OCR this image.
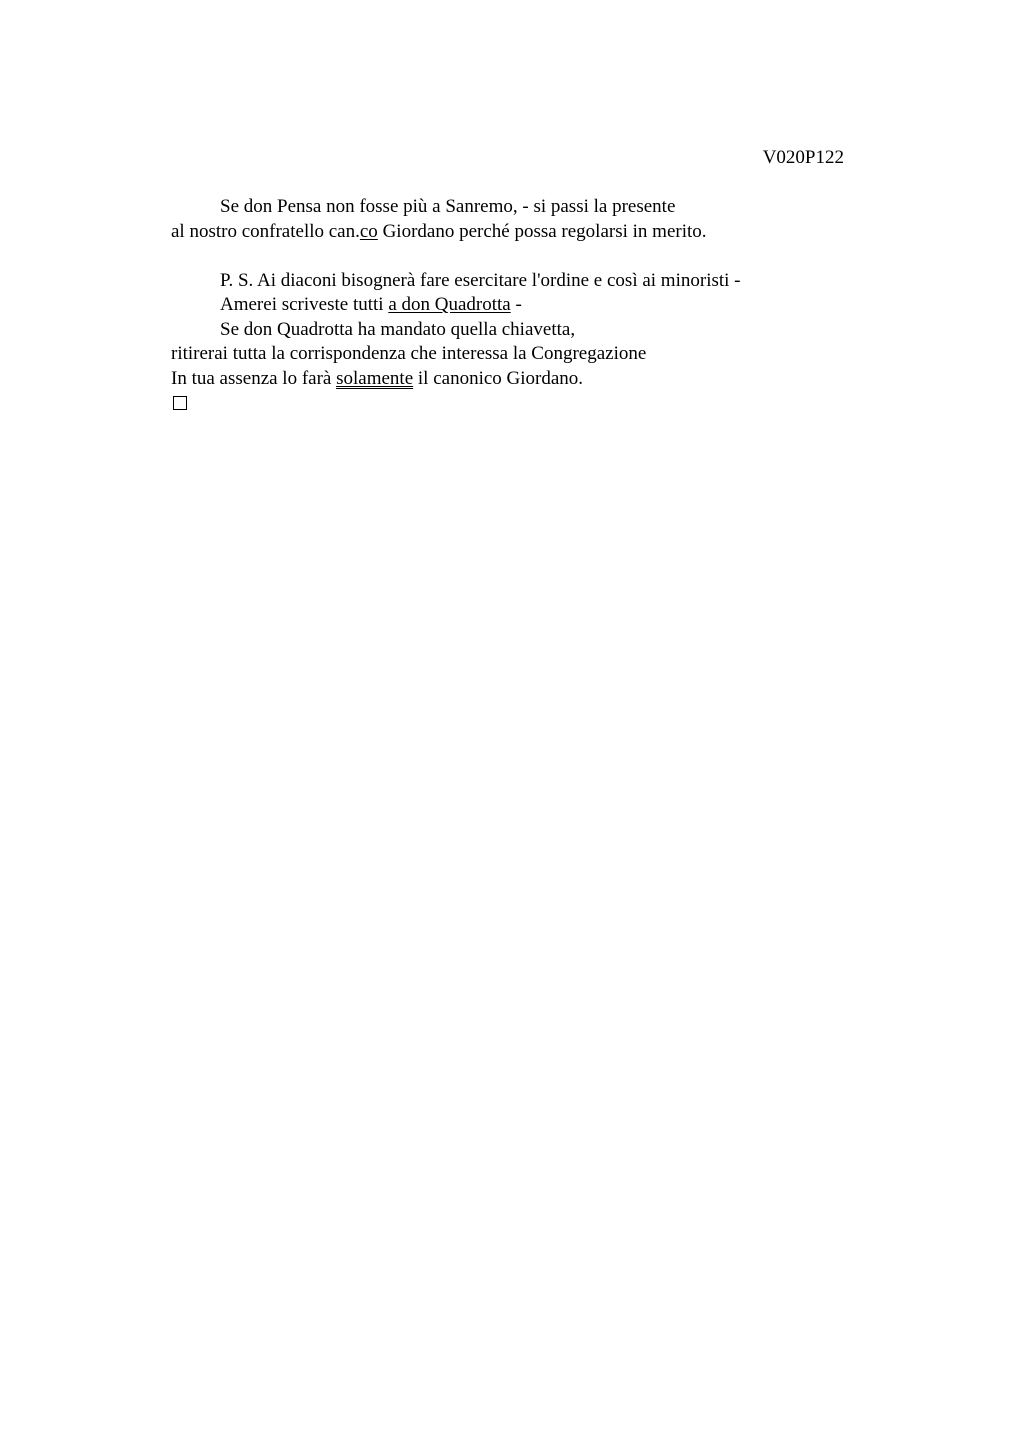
V020P122

Se don Pensa non fosse più a Sanremo, - si passi la presente

al nostro confratello can.co Giordano perché possa regolarsi in merito.

P. S. Ai diaconi bisognerà fare esercitare l'ordine e così ai minoristi -

Amerei scriveste tutti a don Quadrotta -

Se don Quadrotta ha mandato quella chiavetta,

ritirerai tutta la corrispondenza che interessa la Congregazione

In tua assenza lo farà solamente il canonico Giordano.
